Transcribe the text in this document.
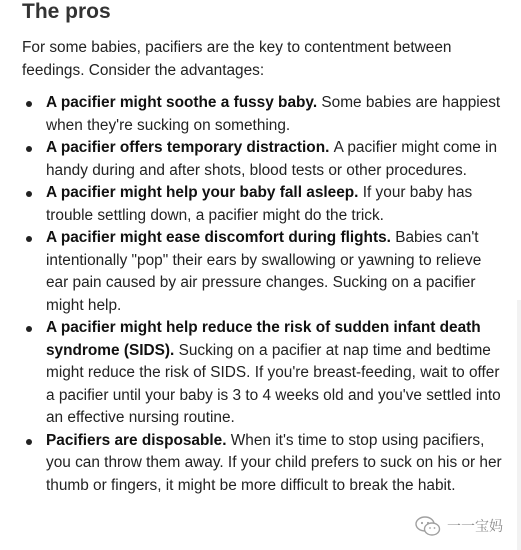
The pros

For some babies, pacifiers are the key to contentment between feedings. Consider the advantages:

A pacifier might soothe a fussy baby. Some babies are happiest when they're sucking on something.
A pacifier offers temporary distraction. A pacifier might come in handy during and after shots, blood tests or other procedures.
A pacifier might help your baby fall asleep. If your baby has trouble settling down, a pacifier might do the trick.
A pacifier might ease discomfort during flights. Babies can't intentionally "pop" their ears by swallowing or yawning to relieve ear pain caused by air pressure changes. Sucking on a pacifier might help.
A pacifier might help reduce the risk of sudden infant death syndrome (SIDS). Sucking on a pacifier at nap time and bedtime might reduce the risk of SIDS. If you're breast-feeding, wait to offer a pacifier until your baby is 3 to 4 weeks old and you've settled into an effective nursing routine.
Pacifiers are disposable. When it's time to stop using pacifiers, you can throw them away. If your child prefers to suck on his or her thumb or fingers, it might be more difficult to break the habit.
一一宝妈
